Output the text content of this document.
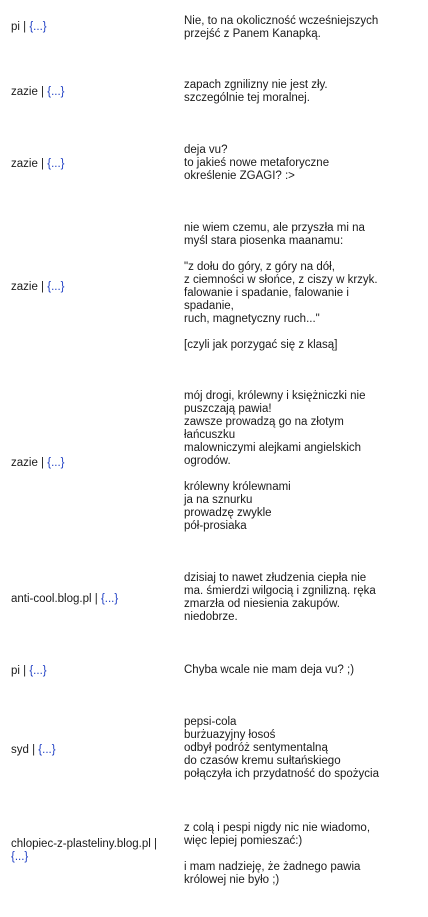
pi | {...}	Nie, to na okoliczność wcześniejszych
przejść z Panem Kanapką.
zazie | {...}
zapach zgnilizny nie jest zły.
szczególnie tej moralnej.
zazie | {...}
deja vu?
to jakieś nowe metaforyczne
określenie ZGAGI? :>
zazie | {...}
nie wiem czemu, ale przyszła mi na
myśl stara piosenka maanamu:
"z dołu do góry, z góry na dół,
z ciemności w słońce, z ciszy w krzyk.
falowanie i spadanie, falowanie i
spadanie,
ruch, magnetyczny ruch..."
[czyli jak porzygać się z klasą]
zazie | {...}
mój drogi, królewny i księżniczki nie
puszczają pawia!
zawsze prowadzą go na złotym
łańcuszku
malowniczymi alejkami angielskich
ogrodów.
królewny królewnami
ja na sznurku
prowadzę zwykle
pół-prosiaka
anti-cool.blog.pl | {...}
dzisiaj to nawet złudzenia ciepła nie
ma. śmierdzi wilgocią i zgnilizną. ręka
zmarzła od niesienia zakupów.
niedobrze.
pi | {...}	Chyba wcale nie mam deja vu? ;)
syd | {...}
pepsi-cola
burżuazyjny łosoś
odbył podróż sentymentalną
do czasów kremu sułtańskiego
połączyła ich przydatność do spożycia
chlopiec-z-plasteliny.blog.pl | {...}
z colą i pespi nigdy nic nie wiadomo,
więc lepiej pomieszać:)
i mam nadzieję, że żadnego pawia
królowej nie było ;)
